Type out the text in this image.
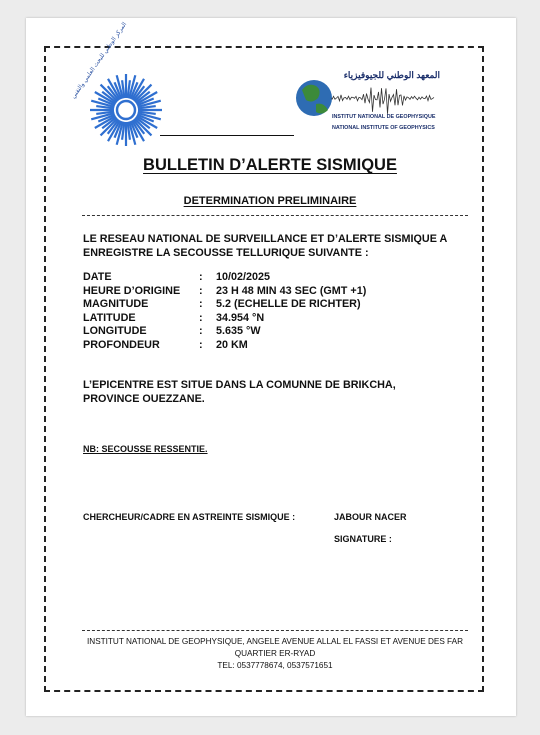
المعهد الوطني للجيوفيزياء
INSTITUT NATIONAL DE GEOPHYSIQUE
NATIONAL INSTITUTE OF GEOPHYSICS
BULLETIN D’ALERTE SISMIQUE
DETERMINATION PRELIMINAIRE
LE RESEAU NATIONAL DE SURVEILLANCE ET D’ALERTE SISMIQUE A ENREGISTRE LA SECOUSSE TELLURIQUE SUIVANTE :
DATE	:	10/02/2025
HEURE D’ORIGINE	:	23 H 48 MIN 43 SEC (GMT +1)
MAGNITUDE	:	5.2 (ECHELLE DE RICHTER)
LATITUDE	:	34.954 °N
LONGITUDE	:	5.635 °W
PROFONDEUR	:	20 KM
L’EPICENTRE EST SITUE DANS LA COMUNNE DE BRIKCHA, PROVINCE OUEZZANE.
NB: SECOUSSE RESSENTIE.
CHERCHEUR/CADRE EN ASTREINTE SISMIQUE :	JABOUR NACER
SIGNATURE :
INSTITUT NATIONAL DE GEOPHYSIQUE, ANGELE AVENUE ALLAL EL FASSI ET AVENUE DES FAR
QUARTIER ER-RYAD
TEL: 0537778674, 0537571651
